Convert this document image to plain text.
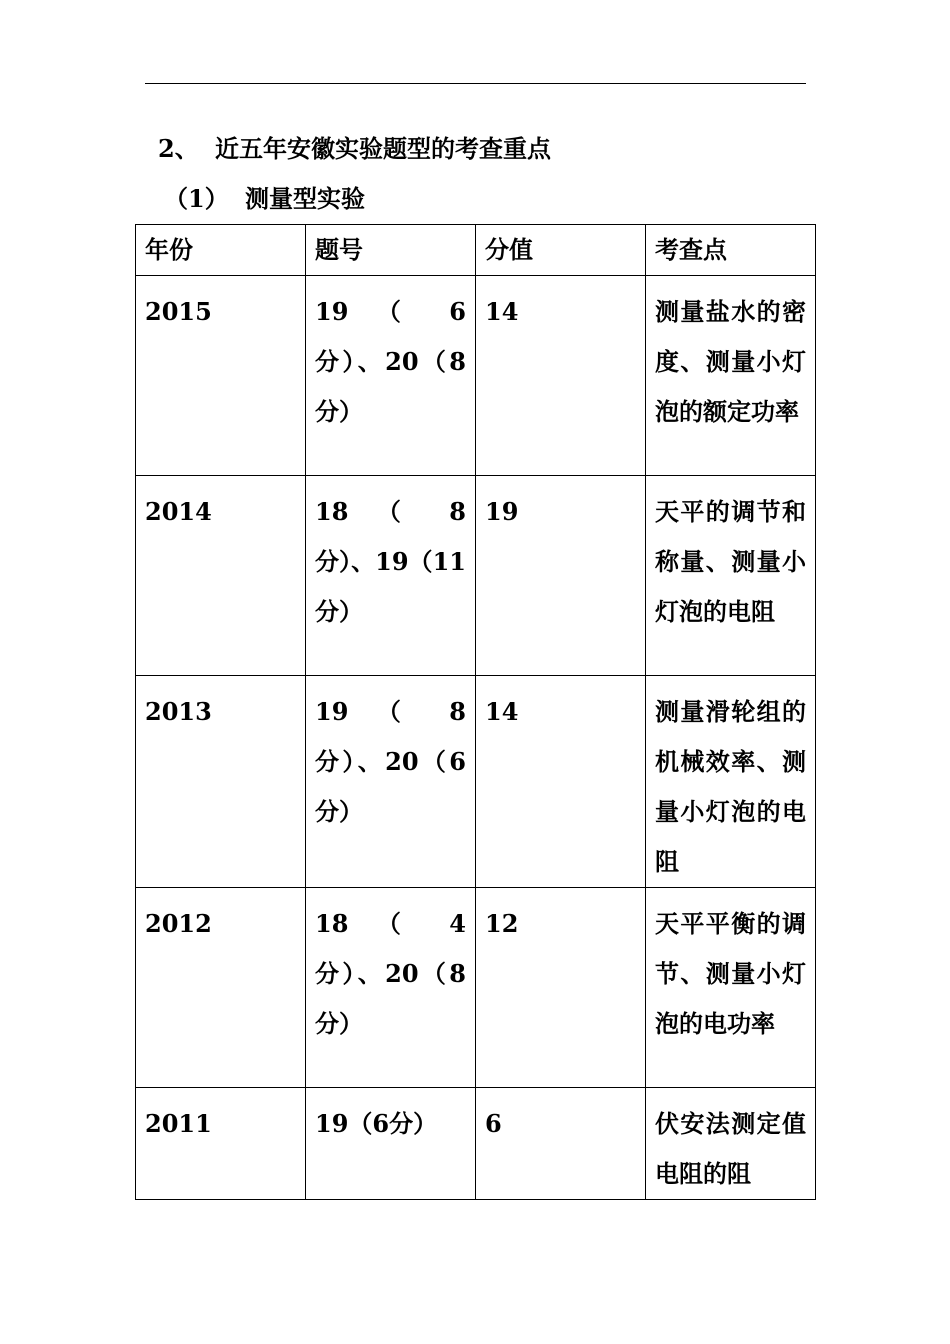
2、 近五年安徽实验题型的考查重点
（1） 测量型实验
年份	题号	分值	考查点
2015	19 （ 6 分）、20（8 分）	14	测量盐水的密度、测量小灯泡的额定功率
2014	18 （ 8 分）、19（11 分）	19	天平的调节和称量、测量小灯泡的电阻
2013	19 （ 8 分）、20（6 分）	14	测量滑轮组的机械效率、测量小灯泡的电阻
2012	18 （ 4 分）、20（8 分）	12	天平平衡的调节、测量小灯泡的电功率
2011	19（6分）	6	伏安法测定值电阻的阻
